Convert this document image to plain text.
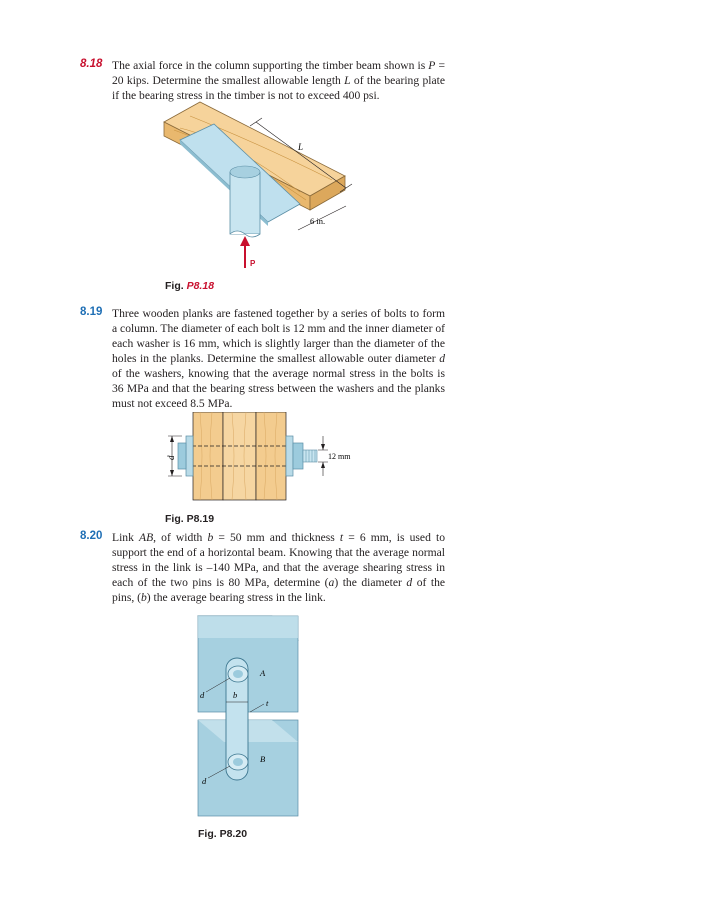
8.18 The axial force in the column supporting the timber beam shown is P = 20 kips. Determine the smallest allowable length L of the bearing plate if the bearing stress in the timber is not to exceed 400 psi.
L
6 in.
P
Fig. P8.18
8.19 Three wooden planks are fastened together by a series of bolts to form a column. The diameter of each bolt is 12 mm and the inner diameter of each washer is 16 mm, which is slightly larger than the diameter of the holes in the planks. Determine the smallest allowable outer diameter d of the washers, knowing that the average normal stress in the bolts is 36 MPa and that the bearing stress between the washers and the planks must not exceed 8.5 MPa.
d	12 mm
Fig. P8.19
8.20 Link AB, of width b = 50 mm and thickness t = 6 mm, is used to support the end of a horizontal beam. Knowing that the average normal stress in the link is –140 MPa, and that the average shearing stress in each of the two pins is 80 MPa, determine (a) the diameter d of the pins, (b) the average bearing stress in the link.
A
B
b
t
d
d
Fig. P8.20
